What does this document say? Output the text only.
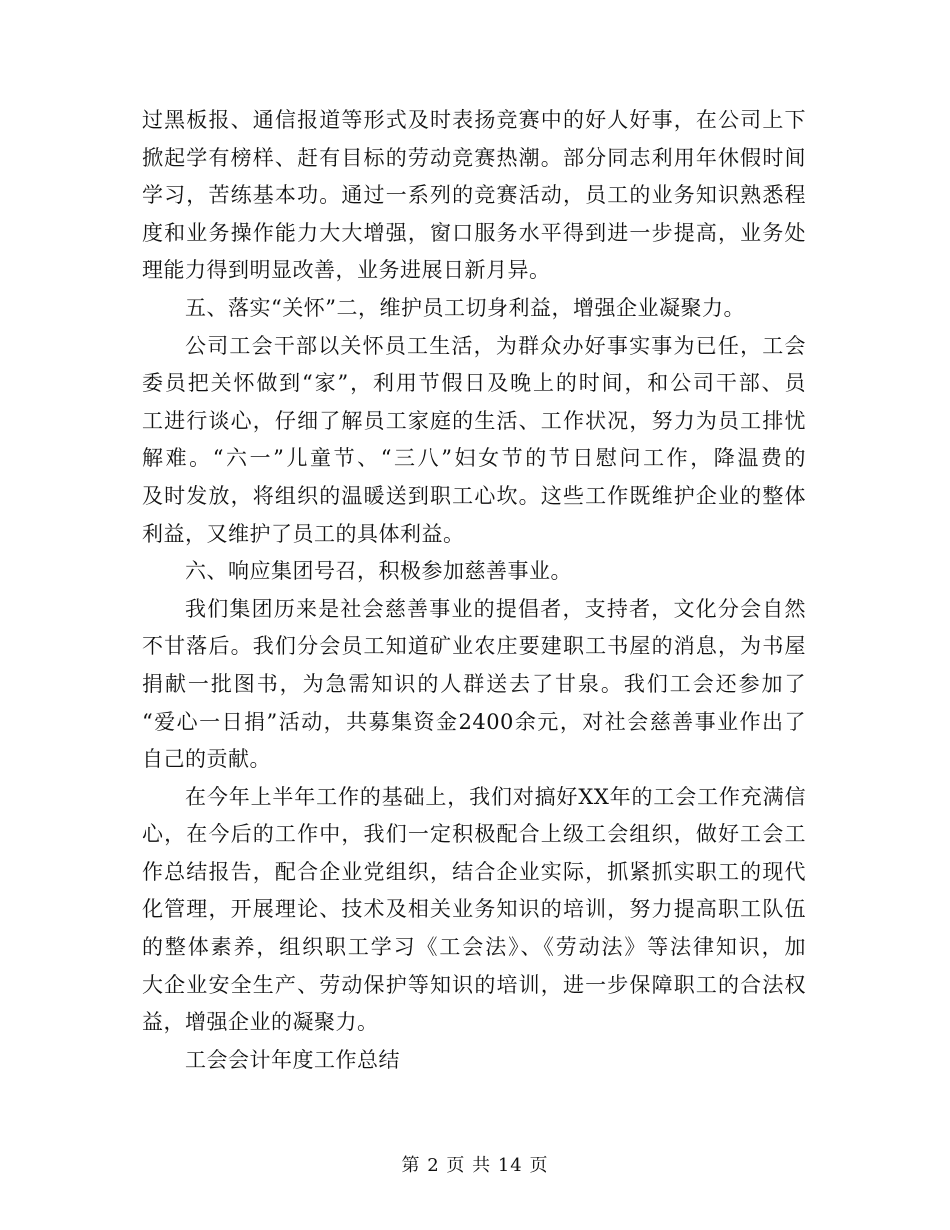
过黑板报、通信报道等形式及时表扬竞赛中的好人好事，在公司上下
掀起学有榜样、赶有目标的劳动竞赛热潮。部分同志利用年休假时间
学习，苦练基本功。通过一系列的竞赛活动，员工的业务知识熟悉程
度和业务操作能力大大增强，窗口服务水平得到进一步提高，业务处
理能力得到明显改善，业务进展日新月异。
五、落实“关怀”二，维护员工切身利益，增强企业凝聚力。
公司工会干部以关怀员工生活，为群众办好事实事为已任，工会
委员把关怀做到“家”，利用节假日及晚上的时间，和公司干部、员
工进行谈心，仔细了解员工家庭的生活、工作状况，努力为员工排忧
解难。“六一”儿童节、“三八”妇女节的节日慰问工作，降温费的
及时发放，将组织的温暖送到职工心坎。这些工作既维护企业的整体
利益，又维护了员工的具体利益。
六、响应集团号召，积极参加慈善事业。
我们集团历来是社会慈善事业的提倡者，支持者，文化分会自然
不甘落后。我们分会员工知道矿业农庄要建职工书屋的消息，为书屋
捐献一批图书，为急需知识的人群送去了甘泉。我们工会还参加了
“爱心一日捐”活动，共募集资金2400余元，对社会慈善事业作出了
自己的贡献。
在今年上半年工作的基础上，我们对搞好XX年的工会工作充满信
心，在今后的工作中，我们一定积极配合上级工会组织，做好工会工
作总结报告，配合企业党组织，结合企业实际，抓紧抓实职工的现代
化管理，开展理论、技术及相关业务知识的培训，努力提高职工队伍
的整体素养，组织职工学习《工会法》、《劳动法》等法律知识，加
大企业安全生产、劳动保护等知识的培训，进一步保障职工的合法权
益，增强企业的凝聚力。
工会会计年度工作总结
第 2 页 共 14 页
